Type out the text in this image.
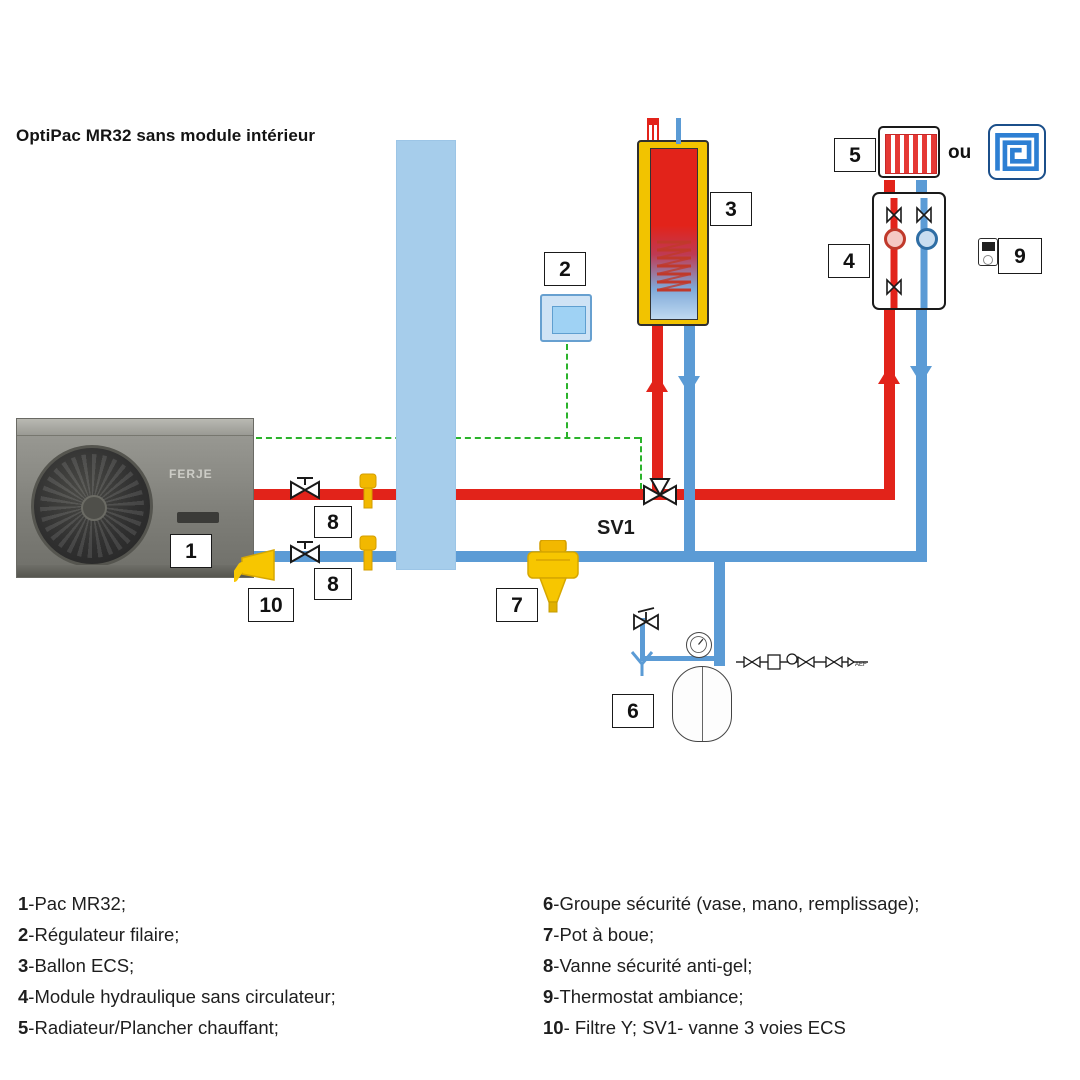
OptiPac MR32 sans module intérieur
FERJE
ou
SV1
AEF
1
2
3
4
5
6
7
8
8
9
10
1-Pac MR32;
2-Régulateur filaire;
3-Ballon ECS;
4-Module hydraulique sans circulateur;
5-Radiateur/Plancher chauffant;
6-Groupe sécurité (vase, mano, remplissage);
7-Pot à boue;
8-Vanne sécurité anti-gel;
9-Thermostat ambiance;
10- Filtre Y; SV1- vanne 3 voies ECS
